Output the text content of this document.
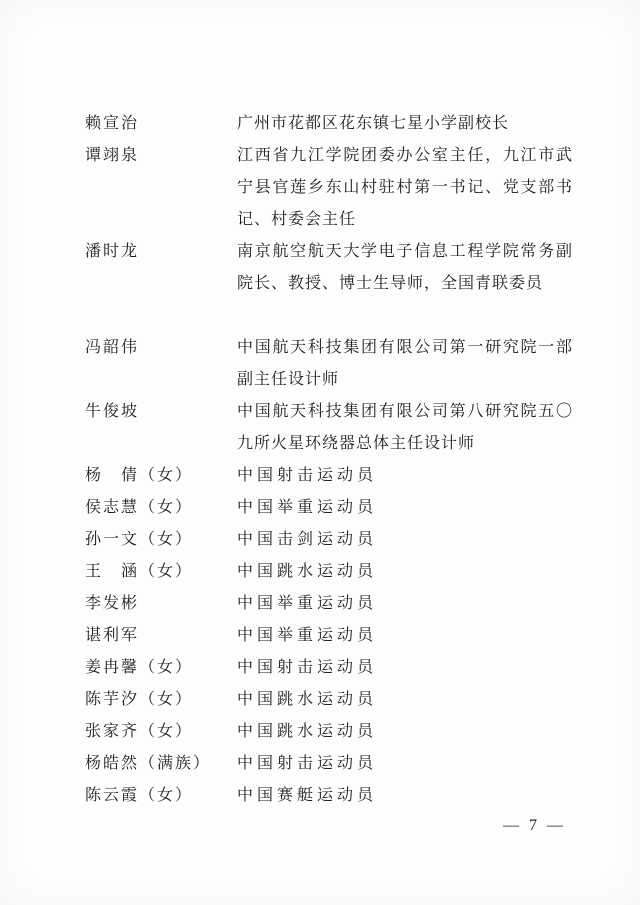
赖宣治	广州市花都区花东镇七星小学副校长
谭翊泉	江西省九江学院团委办公室主任，九江市武宁县官莲乡东山村驻村第一书记、党支部书记、村委会主任
潘时龙	南京航空航天大学电子信息工程学院常务副院长、教授、博士生导师，全国青联委员
冯韶伟	中国航天科技集团有限公司第一研究院一部副主任设计师
牛俊坡	中国航天科技集团有限公司第八研究院五〇九所火星环绕器总体主任设计师
杨　倩（女）	中国射击运动员
侯志慧（女）	中国举重运动员
孙一文（女）	中国击剑运动员
王　涵（女）	中国跳水运动员
李发彬	中国举重运动员
谌利军	中国举重运动员
姜冉馨（女）	中国射击运动员
陈芋汐（女）	中国跳水运动员
张家齐（女）	中国跳水运动员
杨皓然（满族）	中国射击运动员
陈云霞（女）	中国赛艇运动员
— 7 —
